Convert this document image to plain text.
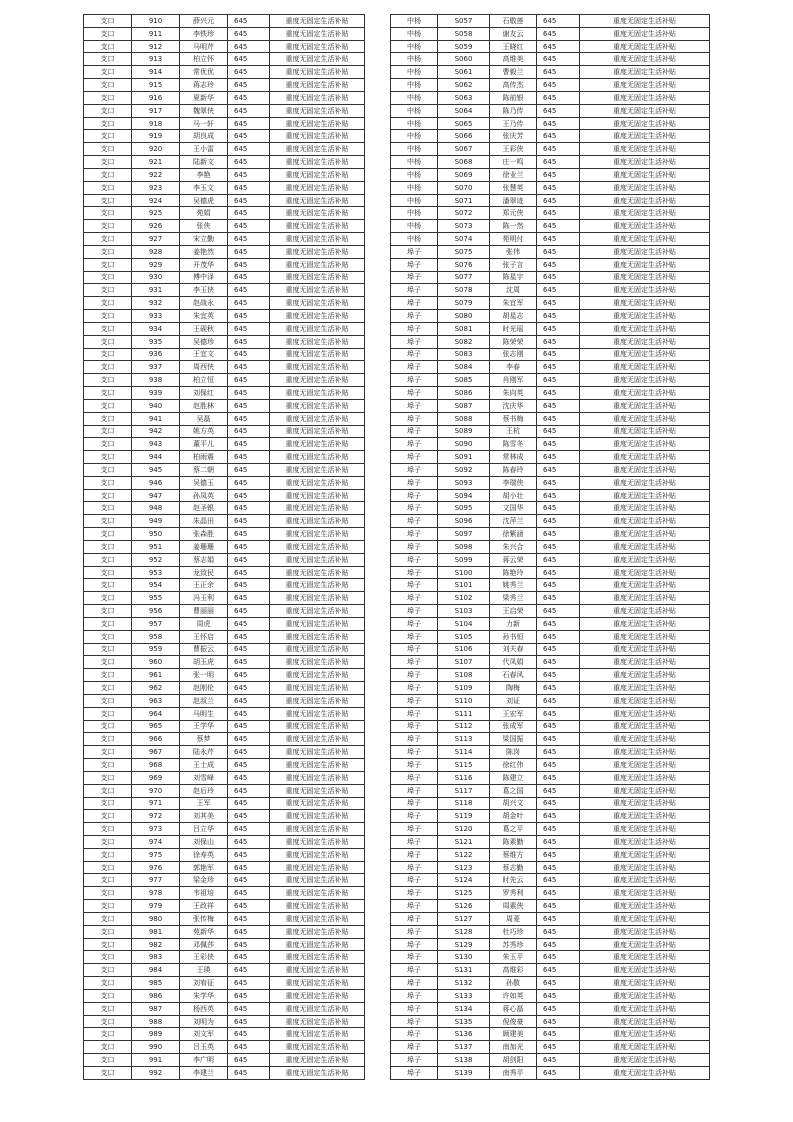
支口	910	薛兴元	645	重度无固定生活补贴
支口	911	李铁珍	645	重度无固定生活补贴
支口	912	马明芹	645	重度无固定生活补贴
支口	913	柏立怀	645	重度无固定生活补贴
支口	914	常优优	645	重度无固定生活补贴
支口	915	蒋志玲	645	重度无固定生活补贴
支口	916	夏新华	645	重度无固定生活补贴
支口	917	魏翠侠	645	重度无固定生活补贴
支口	918	马一轩	645	重度无固定生活补贴
支口	919	胡良成	645	重度无固定生活补贴
支口	920	王小雷	645	重度无固定生活补贴
支口	921	陆新文	645	重度无固定生活补贴
支口	922	李艳	645	重度无固定生活补贴
支口	923	李玉文	645	重度无固定生活补贴
支口	924	吴德虎	645	重度无固定生活补贴
支口	925	苑娟	645	重度无固定生活补贴
支口	926	张侠	645	重度无固定生活补贴
支口	927	宋立勤	645	重度无固定生活补贴
支口	928	姜艳然	645	重度无固定生活补贴
支口	929	开茂华	645	重度无固定生活补贴
支口	930	傅中泽	645	重度无固定生活补贴
支口	931	李玉侠	645	重度无固定生活补贴
支口	932	赵战永	645	重度无固定生活补贴
支口	933	朱宜英	645	重度无固定生活补贴
支口	934	王砚秋	645	重度无固定生活补贴
支口	935	吴德珍	645	重度无固定生活补贴
支口	936	王宜文	645	重度无固定生活补贴
支口	937	周西侠	645	重度无固定生活补贴
支口	938	柏立恒	645	重度无固定生活补贴
支口	939	刘保红	645	重度无固定生活补贴
支口	940	赵胜林	645	重度无固定生活补贴
支口	941	吴磊	645	重度无固定生活补贴
支口	942	姚方英	645	重度无固定生活补贴
支口	943	董平儿	645	重度无固定生活补贴
支口	944	柏雨震	645	重度无固定生活补贴
支口	945	蔡二朝	645	重度无固定生活补贴
支口	946	吴德玉	645	重度无固定生活补贴
支口	947	孙凤英	645	重度无固定生活补贴
支口	948	赵圣银	645	重度无固定生活补贴
支口	949	朱晶田	645	重度无固定生活补贴
支口	950	张森胜	645	重度无固定生活补贴
支口	951	姜珊珊	645	重度无固定生活补贴
支口	952	蔡志娟	645	重度无固定生活补贴
支口	953	龙致民	645	重度无固定生活补贴
支口	954	王正余	645	重度无固定生活补贴
支口	955	冯玉利	645	重度无固定生活补贴
支口	956	曹丽丽	645	重度无固定生活补贴
支口	957	周虎	645	重度无固定生活补贴
支口	958	王怀启	645	重度无固定生活补贴
支口	959	曹振云	645	重度无固定生活补贴
支口	960	胡玉虎	645	重度无固定生活补贴
支口	961	张一明	645	重度无固定生活补贴
支口	962	赵刚伦	645	重度无固定生活补贴
支口	963	赵叔兰	645	重度无固定生活补贴
支口	964	马明生	645	重度无固定生活补贴
支口	965	王学华	645	重度无固定生活补贴
支口	966	蔡梦	645	重度无固定生活补贴
支口	967	陆永芹	645	重度无固定生活补贴
支口	968	王士成	645	重度无固定生活补贴
支口	969	刘雪峰	645	重度无固定生活补贴
支口	970	赵后玲	645	重度无固定生活补贴
支口	971	王军	645	重度无固定生活补贴
支口	972	刘其美	645	重度无固定生活补贴
支口	973	吕立华	645	重度无固定生活补贴
支口	974	刘保山	645	重度无固定生活补贴
支口	975	徐寿英	645	重度无固定生活补贴
支口	976	郭艳军	645	重度无固定生活补贴
支口	977	梁金珍	645	重度无固定生活补贴
支口	978	韦祖培	645	重度无固定生活补贴
支口	979	王政祥	645	重度无固定生活补贴
支口	980	张传梅	645	重度无固定生活补贴
支口	981	苑新华	645	重度无固定生活补贴
支口	982	邓佩莎	645	重度无固定生活补贴
支口	983	王彩侠	645	重度无固定生活补贴
支口	984	王瑛	645	重度无固定生活补贴
支口	985	刘宥征	645	重度无固定生活补贴
支口	986	朱学华	645	重度无固定生活补贴
支口	987	杨西英	645	重度无固定生活补贴
支口	988	刘明为	645	重度无固定生活补贴
支口	989	刘文军	645	重度无固定生活补贴
支口	990	吕玉英	645	重度无固定生活补贴
支口	991	李广明	645	重度无固定生活补贴
支口	992	李建兰	645	重度无固定生活补贴
中杨	S057	石敬莲	645	重度无固定生活补贴
中杨	S058	谢友云	645	重度无固定生活补贴
中杨	S059	王晓红	645	重度无固定生活补贴
中杨	S060	高维美	645	重度无固定生活补贴
中杨	S061	曹毅兰	645	重度无固定生活补贴
中杨	S062	高传杰	645	重度无固定生活补贴
中杨	S063	陈前银	645	重度无固定生活补贴
中杨	S064	陈乃传	645	重度无固定生活补贴
中杨	S065	王乃传	645	重度无固定生活补贴
中杨	S066	张庆芳	645	重度无固定生活补贴
中杨	S067	王彩侠	645	重度无固定生活补贴
中杨	S068	庄一鸣	645	重度无固定生活补贴
中杨	S069	徐业兰	645	重度无固定生活补贴
中杨	S070	张慧英	645	重度无固定生活补贴
中杨	S071	潘翠迹	645	重度无固定生活补贴
中杨	S072	郑元侠	645	重度无固定生活补贴
中杨	S073	陈一然	645	重度无固定生活补贴
中杨	S074	苑明付	645	重度无固定生活补贴
埠子	S075	张伟	645	重度无固定生活补贴
埠子	S076	张子言	645	重度无固定生活补贴
埠子	S077	陈星宇	645	重度无固定生活补贴
埠子	S078	沈周	645	重度无固定生活补贴
埠子	S079	朱宜军	645	重度无固定生活补贴
埠子	S080	胡星志	645	重度无固定生活补贴
埠子	S081	时光瑶	645	重度无固定生活补贴
埠子	S082	陈荣荣	645	重度无固定生活补贴
埠子	S083	张志刚	645	重度无固定生活补贴
埠子	S084	李春	645	重度无固定生活补贴
埠子	S085	肖刚军	645	重度无固定生活补贴
埠子	S086	朱向英	645	重度无固定生活补贴
埠子	S087	沈庆华	645	重度无固定生活补贴
埠子	S088	蔡书梅	645	重度无固定生活补贴
埠子	S089	王杭	645	重度无固定生活补贴
埠子	S090	陈雪冬	645	重度无固定生活补贴
埠子	S091	常林成	645	重度无固定生活补贴
埠子	S092	陈春玲	645	重度无固定生活补贴
埠子	S093	李瑞侠	645	重度无固定生活补贴
埠子	S094	胡小壮	645	重度无固定生活补贴
埠子	S095	文国华	645	重度无固定生活补贴
埠子	S096	沈萍兰	645	重度无固定生活补贴
埠子	S097	徐紫涵	645	重度无固定生活补贴
埠子	S098	朱兴合	645	重度无固定生活补贴
埠子	S099	蒋云荣	645	重度无固定生活补贴
埠子	S100	陈艳玲	645	重度无固定生活补贴
埠子	S101	姚秀兰	645	重度无固定生活补贴
埠子	S102	梁秀兰	645	重度无固定生活补贴
埠子	S103	王启荣	645	重度无固定生活补贴
埠子	S104	力新	645	重度无固定生活补贴
埠子	S105	孙书恒	645	重度无固定生活补贴
埠子	S106	刘夫春	645	重度无固定生活补贴
埠子	S107	代凤娟	645	重度无固定生活补贴
埠子	S108	石春风	645	重度无固定生活补贴
埠子	S109	陶梅	645	重度无固定生活补贴
埠子	S110	刘证	645	重度无固定生活补贴
埠子	S111	王宏军	645	重度无固定生活补贴
埠子	S112	张成军	645	重度无固定生活补贴
埠子	S113	梁国振	645	重度无固定生活补贴
埠子	S114	陈岗	645	重度无固定生活补贴
埠子	S115	徐红伟	645	重度无固定生活补贴
埠子	S116	陈建立	645	重度无固定生活补贴
埠子	S117	葛之国	645	重度无固定生活补贴
埠子	S118	胡兴文	645	重度无固定生活补贴
埠子	S119	胡金叶	645	重度无固定生活补贴
埠子	S120	葛之平	645	重度无固定生活补贴
埠子	S121	陈素勤	645	重度无固定生活补贴
埠子	S122	蔡维方	645	重度无固定生活补贴
埠子	S123	蔡志勤	645	重度无固定生活补贴
埠子	S124	时先云	645	重度无固定生活补贴
埠子	S125	罗秀利	645	重度无固定生活补贴
埠子	S126	周素侠	645	重度无固定生活补贴
埠子	S127	周菱	645	重度无固定生活补贴
埠子	S128	杜巧珍	645	重度无固定生活补贴
埠子	S129	苏秀珍	645	重度无固定生活补贴
埠子	S130	朱玉平	645	重度无固定生活补贴
埠子	S131	高维彩	645	重度无固定生活补贴
埠子	S132	孙敬	645	重度无固定生活补贴
埠子	S133	许如英	645	重度无固定生活补贴
埠子	S134	蒋心磊	645	重度无固定生活补贴
埠子	S135	倪俊豪	645	重度无固定生活补贴
埠子	S136	顾建美	645	重度无固定生活补贴
埠子	S137	南加光	645	重度无固定生活补贴
埠子	S138	胡剑阳	645	重度无固定生活补贴
埠子	S139	南秀平	645	重度无固定生活补贴
